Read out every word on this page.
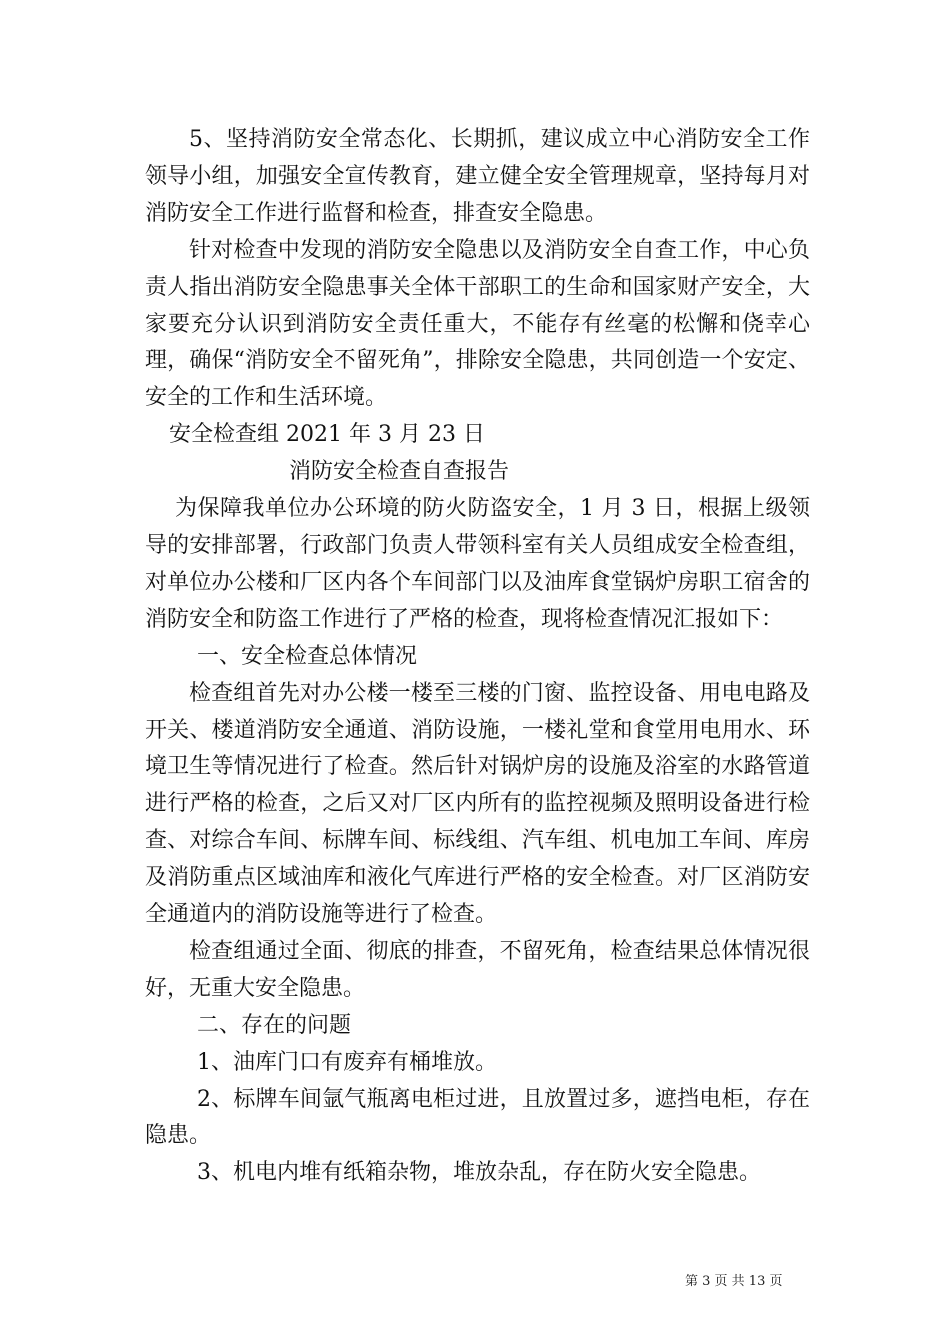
5、坚持消防安全常态化、长期抓，建议成立中心消防安全工作领导小组，加强安全宣传教育，建立健全安全管理规章，坚持每月对消防安全工作进行监督和检查，排查安全隐患。

针对检查中发现的消防安全隐患以及消防安全自查工作，中心负责人指出消防安全隐患事关全体干部职工的生命和国家财产安全，大家要充分认识到消防安全责任重大，不能存有丝毫的松懈和侥幸心理，确保“消防安全不留死角”，排除安全隐患，共同创造一个安定、安全的工作和生活环境。

安全检查组 2021 年 3 月 23 日

消防安全检查自查报告

为保障我单位办公环境的防火防盗安全，1 月 3 日，根据上级领导的安排部署，行政部门负责人带领科室有关人员组成安全检查组，对单位办公楼和厂区内各个车间部门以及油库食堂锅炉房职工宿舍的消防安全和防盗工作进行了严格的检查，现将检查情况汇报如下：

一、安全检查总体情况

检查组首先对办公楼一楼至三楼的门窗、监控设备、用电电路及开关、楼道消防安全通道、消防设施，一楼礼堂和食堂用电用水、环境卫生等情况进行了检查。然后针对锅炉房的设施及浴室的水路管道进行严格的检查，之后又对厂区内所有的监控视频及照明设备进行检查、对综合车间、标牌车间、标线组、汽车组、机电加工车间、库房及消防重点区域油库和液化气库进行严格的安全检查。对厂区消防安全通道内的消防设施等进行了检查。

检查组通过全面、彻底的排查，不留死角，检查结果总体情况很好，无重大安全隐患。

二、存在的问题

1、油库门口有废弃有桶堆放。

2、标牌车间氩气瓶离电柜过进，且放置过多，遮挡电柜，存在隐患。

3、机电内堆有纸箱杂物，堆放杂乱，存在防火安全隐患。

第 3 页 共 13 页
